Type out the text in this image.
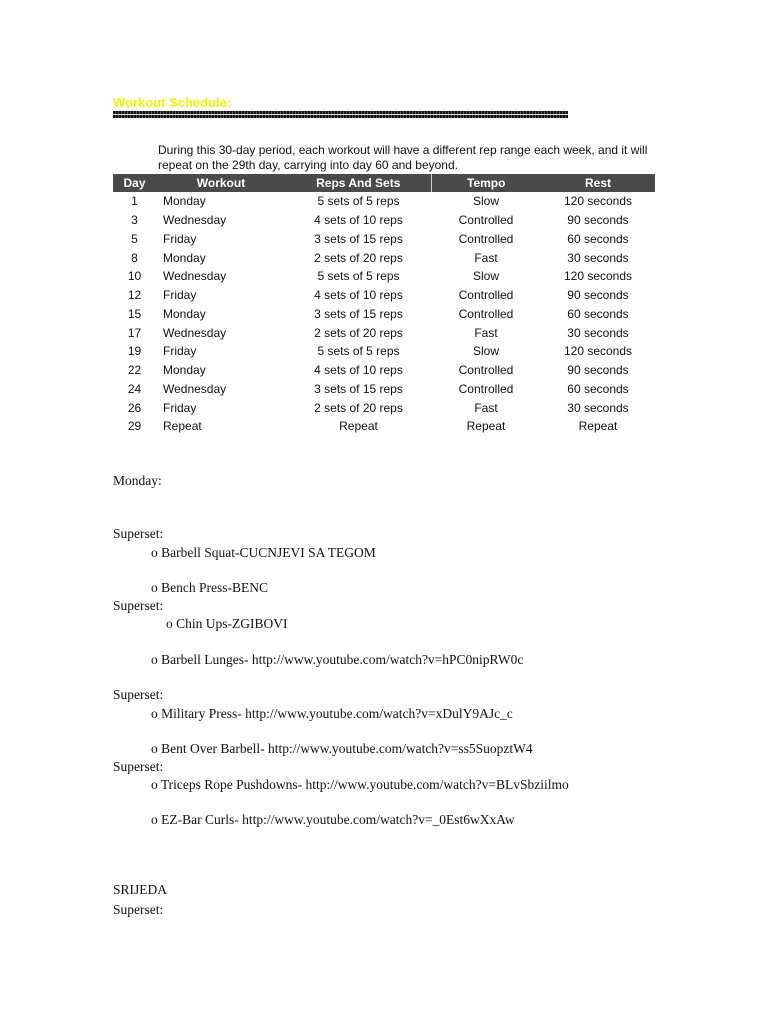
Workout Schedule:
During this 30-day period, each workout will have a different rep range each week, and it will repeat on the 29th day, carrying into day 60 and beyond.
Day	Workout	Reps And Sets	Tempo	Rest
1	Monday	5 sets of 5 reps	Slow	120 seconds
3	Wednesday	4 sets of 10 reps	Controlled	90 seconds
5	Friday	3 sets of 15 reps	Controlled	60 seconds
8	Monday	2 sets of 20 reps	Fast	30 seconds
10	Wednesday	5 sets of 5 reps	Slow	120 seconds
12	Friday	4 sets of 10 reps	Controlled	90 seconds
15	Monday	3 sets of 15 reps	Controlled	60 seconds
17	Wednesday	2 sets of 20 reps	Fast	30 seconds
19	Friday	5 sets of 5 reps	Slow	120 seconds
22	Monday	4 sets of 10 reps	Controlled	90 seconds
24	Wednesday	3 sets of 15 reps	Controlled	60 seconds
26	Friday	2 sets of 20 reps	Fast	30 seconds
29	Repeat	Repeat	Repeat	Repeat
Monday:
Superset:
o Barbell Squat-CUCNJEVI SA TEGOM
o Bench Press-BENC
Superset:
o Chin Ups-ZGIBOVI
o Barbell Lunges- http://www.youtube.com/watch?v=hPC0nipRW0c
Superset:
o Military Press- http://www.youtube.com/watch?v=xDulY9AJc_c
o Bent Over Barbell- http://www.youtube.com/watch?v=ss5SuopztW4
Superset:
o Triceps Rope Pushdowns- http://www.youtube.com/watch?v=BLvSbziilmo
o EZ-Bar Curls- http://www.youtube.com/watch?v=_0Est6wXxAw
SRIJEDA
Superset:
